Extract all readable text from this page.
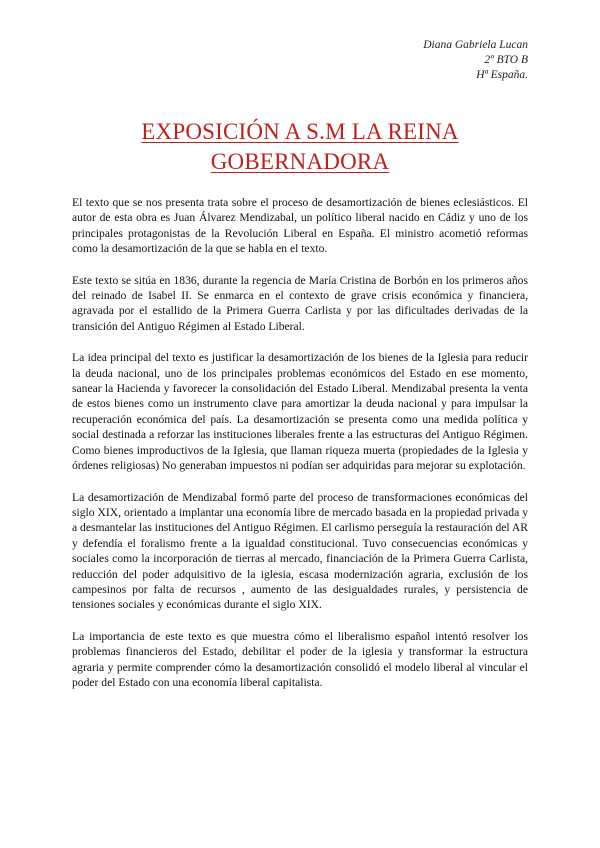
Diana Gabriela Lucan
2º BTO B
Hª España.
EXPOSICIÓN A S.M LA REINA GOBERNADORA

El texto que se nos presenta trata sobre el proceso de desamortización de bienes eclesiásticos. El autor de esta obra es Juan Álvarez Mendizabal, un político liberal nacido en Cádiz y uno de los principales protagonistas de la Revolución Liberal en España. El ministro acometió reformas como la desamortización de la que se habla en el texto.

Este texto se sitúa en 1836, durante la regencia de María Cristina de Borbón en los primeros años del reinado de Isabel II. Se enmarca en el contexto de grave crisis económica y financiera, agravada por el estallido de la Primera Guerra Carlista y por las dificultades derivadas de la transición del Antiguo Régimen al Estado Liberal.

La idea principal del texto es justificar la desamortización de los bienes de la Iglesia para reducir la deuda nacional, uno de los principales problemas económicos del Estado en ese momento, sanear la Hacienda y favorecer la consolidación del Estado Liberal. Mendizabal presenta la venta de estos bienes como un instrumento clave para amortizar la deuda nacional y para impulsar la recuperación económica del país. La desamortización se presenta como una medida política y social destinada a reforzar las instituciones liberales frente a las estructuras del Antiguo Régimen. Como bienes improductivos de la Iglesia, que llaman riqueza muerta (propiedades de la Iglesia y órdenes religiosas) No generaban impuestos ni podían ser adquiridas para mejorar su explotación.

La desamortización de Mendizabal formó parte del proceso de transformaciones económicas del siglo XIX, orientado a implantar una economía libre de mercado basada en la propiedad privada y a desmantelar las instituciones del Antiguo Régimen. El carlismo perseguía la restauración del AR y defendía el foralismo frente a la igualdad constitucional. Tuvo consecuencias económicas y sociales como la incorporación de tierras al mercado, financiación de la Primera Guerra Carlista, reducción del poder adquisitivo de la iglesia, escasa modernización agraria, exclusión de los campesinos por falta de recursos , aumento de las desigualdades rurales, y persistencia de tensiones sociales y económicas durante el siglo XIX.

La importancia de este texto es que muestra cómo el liberalismo español intentó resolver los problemas financieros del Estado, debilitar el poder de la iglesia y transformar la estructura agraria y permite comprender cómo la desamortización consolidó el modelo liberal al vincular el poder del Estado con una economía liberal capitalista.
